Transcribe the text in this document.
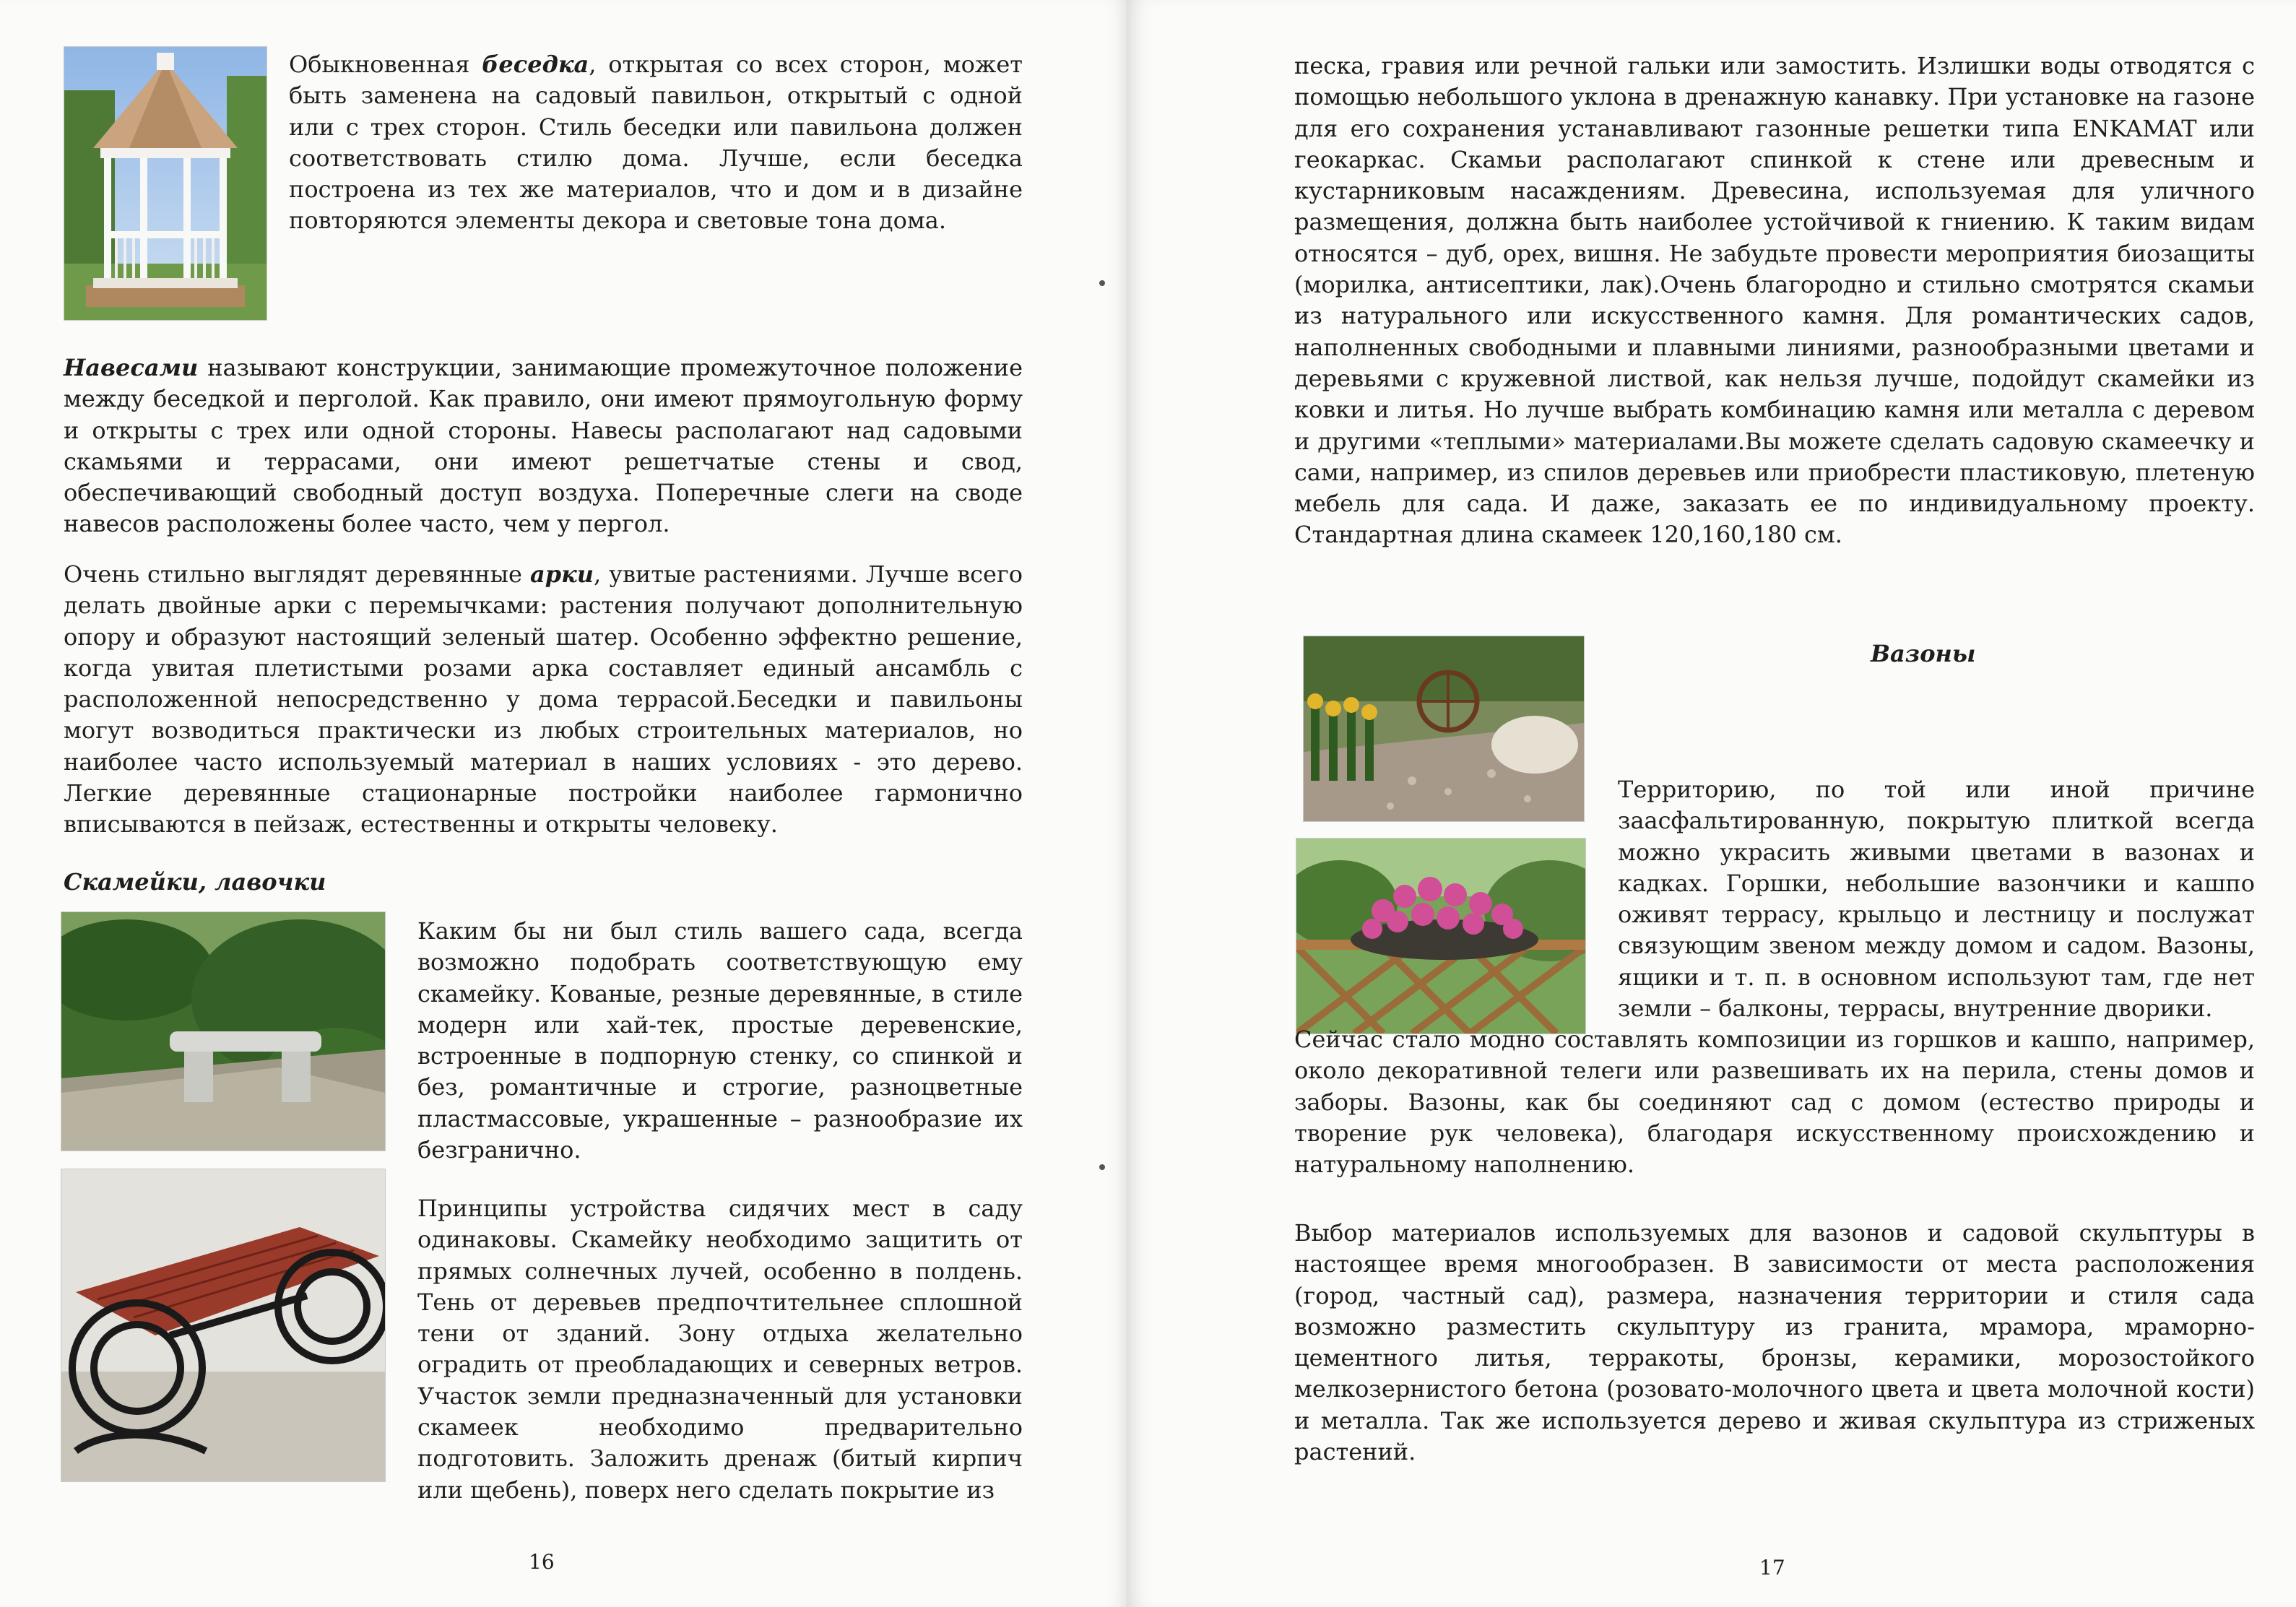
Обыкновенная беседка, открытая со всех сторон, может быть заменена на садовый павильон, открытый с одной или с трех сторон. Стиль беседки или павильона должен соответствовать стилю дома. Лучше, если беседка построена из тех же материалов, что и дом и в дизайне повторяются элементы декора и световые тона дома.

Навесами называют конструкции, занимающие промежуточное положение между беседкой и перголой. Как правило, они имеют прямоугольную форму и открыты с трех или одной стороны. Навесы располагают над садовыми скамьями и террасами, они имеют решетчатые стены и свод, обеспечивающий свободный доступ воздуха. Поперечные слеги на своде навесов расположены более часто, чем у пергол.

Очень стильно выглядят деревянные арки, увитые растениями. Лучше всего делать двойные арки с перемычками: растения получают дополнительную опору и образуют настоящий зеленый шатер. Особенно эффектно решение, когда увитая плетистыми розами арка составляет единый ансамбль с расположенной непосредственно у дома террасой.Беседки и павильоны могут возводиться практически из любых строительных материалов, но наиболее часто используемый материал в наших условиях - это дерево. Легкие деревянные стационарные постройки наиболее гармонично вписываются в пейзаж, естественны и открыты человеку.

Скамейки, лавочки

Каким бы ни был стиль вашего сада, всегда возможно подобрать соответствующую ему скамейку. Кованые, резные деревянные, в стиле модерн или хай-тек, простые деревенские, встроенные в подпорную стенку, со спинкой и без, романтичные и строгие, разноцветные пластмассовые, украшенные – разнообразие их безгранично.

Принципы устройства сидячих мест в саду одинаковы. Скамейку необходимо защитить от прямых солнечных лучей, особенно в полдень. Тень от деревьев предпочтительнее сплошной тени от зданий. Зону отдыха желательно оградить от преобладающих и северных ветров. Участок земли предназначенный для установки скамеек необходимо предварительно подготовить. Заложить дренаж (битый кирпич или щебень), поверх него сделать покрытие из

16

песка, гравия или речной гальки или замостить. Излишки воды отводятся с помощью небольшого уклона в дренажную канавку. При установке на газоне для его сохранения устанавливают газонные решетки типа ENKAMAT или геокаркас. Скамьи располагают спинкой к стене или древесным и кустарниковым насаждениям. Древесина, используемая для уличного размещения, должна быть наиболее устойчивой к гниению. К таким видам относятся – дуб, орех, вишня. Не забудьте провести мероприятия биозащиты (морилка, антисептики, лак).Очень благородно и стильно смотрятся скамьи из натурального или искусственного камня. Для романтических садов, наполненных свободными и плавными линиями, разнообразными цветами и деревьями с кружевной листвой, как нельзя лучше, подойдут скамейки из ковки и литья. Но лучше выбрать комбинацию камня или металла с деревом и другими «теплыми» материалами.Вы можете сделать садовую скамеечку и сами, например, из спилов деревьев или приобрести пластиковую, плетеную мебель для сада. И даже, заказать ее по индивидуальному проекту. Стандартная длина скамеек 120,160,180 см.

Вазоны

Территорию, по той или иной причине заасфальтированную, покрытую плиткой всегда можно украсить живыми цветами в вазонах и кадках. Горшки, небольшие вазончики и кашпо оживят террасу, крыльцо и лестницу и послужат связующим звеном между домом и садом. Вазоны, ящики и т. п. в основном используют там, где нет земли – балконы, террасы, внутренние дворики.

Выбор материалов используемых для вазонов и садовой скульптуры в настоящее время многообразен. В зависимости от места расположения (город, частный сад), размера, назначения территории и стиля сада возможно разместить скульптуру из гранита, мрамора, мраморно-цементного литья, терракоты, бронзы, керамики, морозостойкого мелкозернистого бетона (розовато-молочного цвета и цвета молочной кости) и металла. Так же используется дерево и живая скульптура из стриженых растений.

17

Сейчас стало модно составлять композиции из горшков и кашпо, например, около декоративной телеги или развешивать их на перила, стены домов и заборы. Вазоны, как бы соединяют сад с домом (естество природы и творение рук человека), благодаря искусственному происхождению и натуральному наполнению.
